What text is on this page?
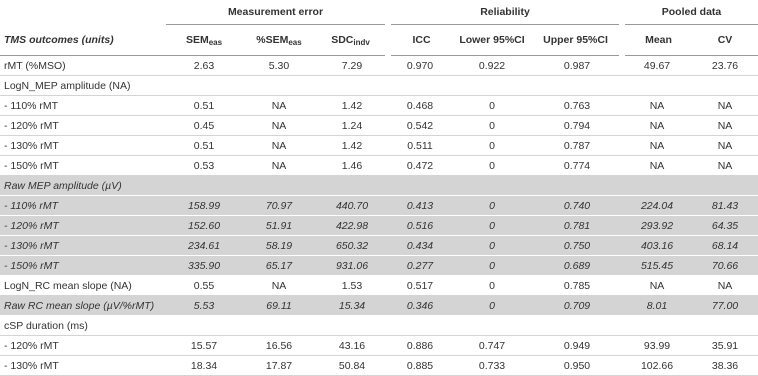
	Measurement error			Reliability			Pooled data	
TMS outcomes (units)	$SEM_{eas}$	$\%SEM_{eas}$	$SDC_{indv}$	ICC	Lower 95%CI	Upper 95%CI	Mean	CV
rMT (%MSO)	2.63	5.30	7.29	0.970	0.922	0.987	49.67	23.76
LogN_MEP amplitude (NA)								
- 110% rMT	0.51	NA	1.42	0.468	0	0.763	NA	NA
- 120% rMT	0.45	NA	1.24	0.542	0	0.794	NA	NA
- 130% rMT	0.51	NA	1.42	0.511	0	0.787	NA	NA
- 150% rMT	0.53	NA	1.46	0.472	0	0.774	NA	NA
Raw MEP amplitude (µV)								
- 110% rMT	158.99	70.97	440.70	0.413	0	0.740	224.04	81.43
- 120% rMT	152.60	51.91	422.98	0.516	0	0.781	293.92	64.35
- 130% rMT	234.61	58.19	650.32	0.434	0	0.750	403.16	68.14
- 150% rMT	335.90	65.17	931.06	0.277	0	0.689	515.45	70.66
LogN_RC mean slope (NA)	0.55	NA	1.53	0.517	0	0.785	NA	NA
Raw RC mean slope (µV/%rMT)	5.53	69.11	15.34	0.346	0	0.709	8.01	77.00
cSP duration (ms)								
- 120% rMT	15.57	16.56	43.16	0.886	0.747	0.949	93.99	35.91
- 130% rMT	18.34	17.87	50.84	0.885	0.733	0.950	102.66	38.36
